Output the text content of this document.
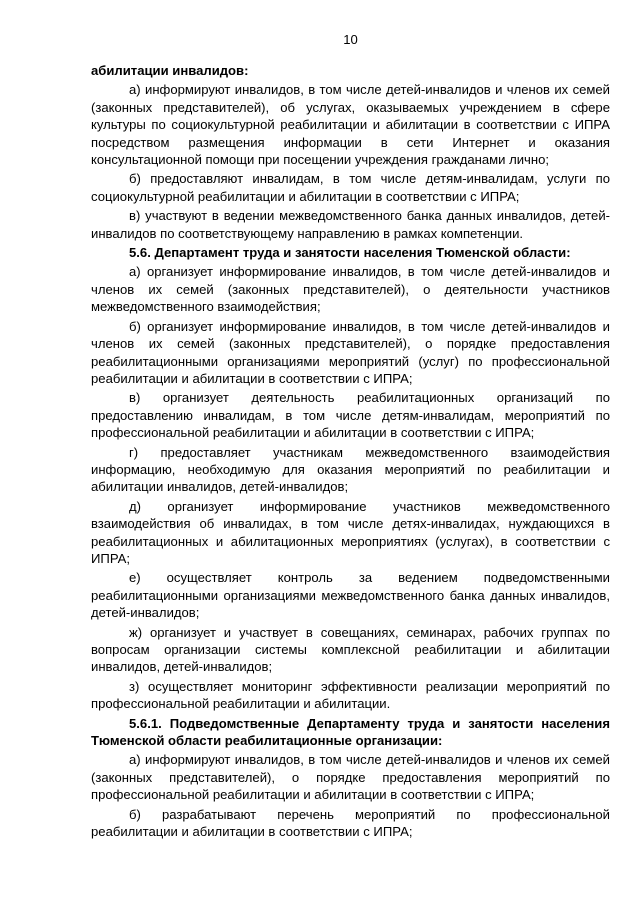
10

абилитации инвалидов:

а) информируют инвалидов, в том числе детей-инвалидов и членов их семей (законных представителей), об услугах, оказываемых учреждением в сфере культуры по социокультурной реабилитации и абилитации в соответствии с ИПРА посредством размещения информации в сети Интернет и оказания консультационной помощи при посещении учреждения гражданами лично;

б) предоставляют инвалидам, в том числе детям-инвалидам, услуги по социокультурной реабилитации и абилитации в соответствии с ИПРА;

в) участвуют в ведении межведомственного банка данных инвалидов, детей-инвалидов по соответствующему направлению в рамках компетенции.

5.6. Департамент труда и занятости населения Тюменской области:

а) организует информирование инвалидов, в том числе детей-инвалидов и членов их семей (законных представителей), о деятельности участников межведомственного взаимодействия;

б) организует информирование инвалидов, в том числе детей-инвалидов и членов их семей (законных представителей), о порядке предоставления реабилитационными организациями мероприятий (услуг) по профессиональной реабилитации и абилитации в соответствии с ИПРА;

в) организует деятельность реабилитационных организаций по предоставлению инвалидам, в том числе детям-инвалидам, мероприятий по профессиональной реабилитации и абилитации в соответствии с ИПРА;

г) предоставляет участникам межведомственного взаимодействия информацию, необходимую для оказания мероприятий по реабилитации и абилитации инвалидов, детей-инвалидов;

д) организует информирование участников межведомственного взаимодействия об инвалидах, в том числе детях-инвалидах, нуждающихся в реабилитационных и абилитационных мероприятиях (услугах), в соответствии с ИПРА;

е) осуществляет контроль за ведением подведомственными реабилитационными организациями межведомственного банка данных инвалидов, детей-инвалидов;

ж) организует и участвует в совещаниях, семинарах, рабочих группах по вопросам организации системы комплексной реабилитации и абилитации инвалидов, детей-инвалидов;

з) осуществляет мониторинг эффективности реализации мероприятий по профессиональной реабилитации и абилитации.

5.6.1. Подведомственные Департаменту труда и занятости населения Тюменской области реабилитационные организации:

а) информируют инвалидов, в том числе детей-инвалидов и членов их семей (законных представителей), о порядке предоставления мероприятий по профессиональной реабилитации и абилитации в соответствии с ИПРА;

б) разрабатывают перечень мероприятий по профессиональной реабилитации и абилитации в соответствии с ИПРА;
